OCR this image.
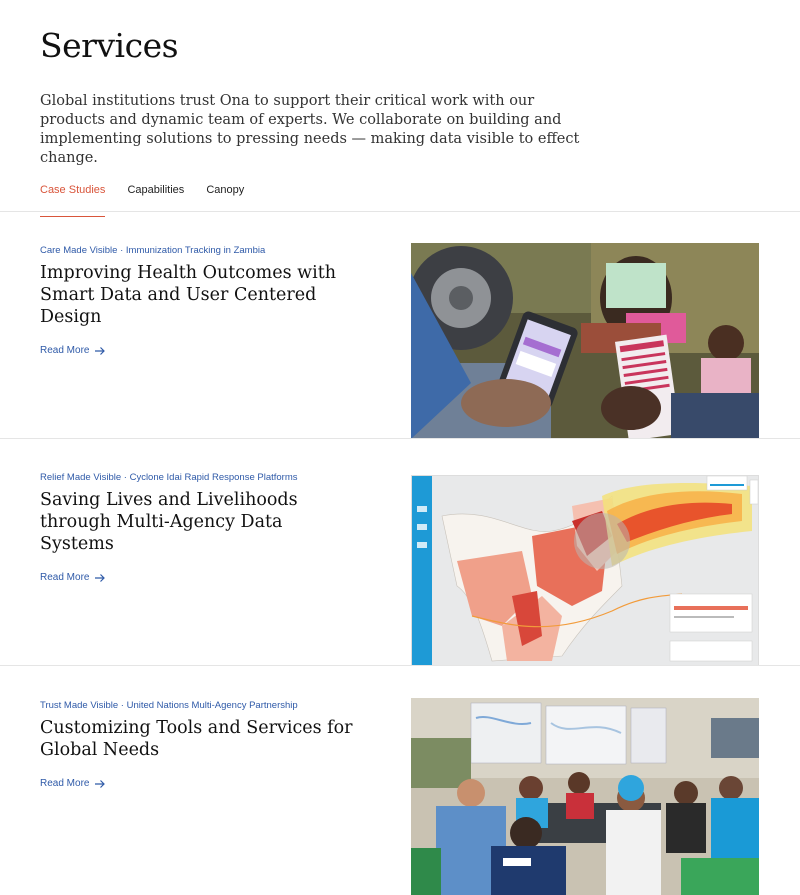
Services

Global institutions trust Ona to support their critical work with our products and dynamic team of experts. We collaborate on building and implementing solutions to pressing needs — making data visible to effect change.

Case Studies Capabilities Canopy
Care Made Visible · Immunization Tracking in Zambia
Improving Health Outcomes with Smart Data and User Centered Design
Read More
Relief Made Visible · Cyclone Idai Rapid Response Platforms
Saving Lives and Livelihoods through Multi-Agency Data Systems
Read More
Trust Made Visible · United Nations Multi-Agency Partnership
Customizing Tools and Services for Global Needs
Read More
